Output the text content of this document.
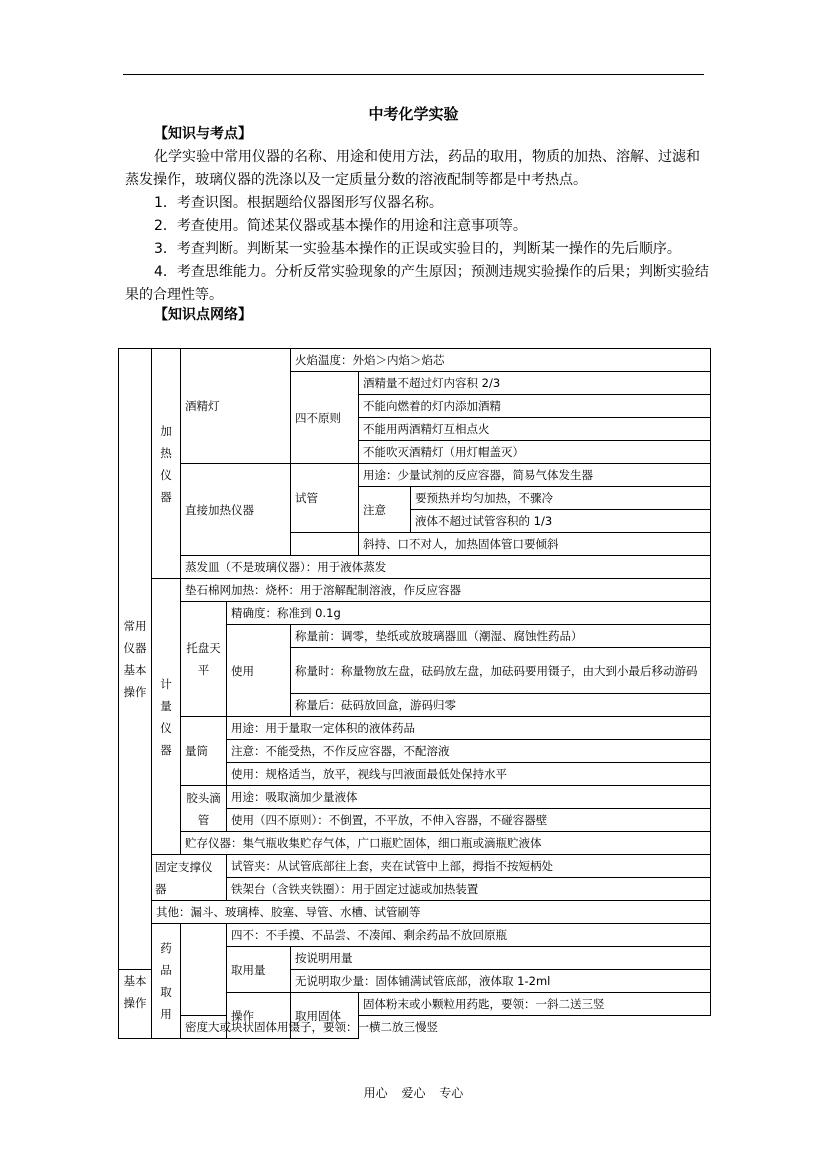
中考化学实验
【知识与考点】
化学实验中常用仪器的名称、用途和使用方法，药品的取用，物质的加热、溶解、过滤和蒸发操作，玻璃仪器的洗涤以及一定质量分数的溶液配制等都是中考热点。
1．考查识图。根据题给仪器图形写仪器名称。
2．考查使用。简述某仪器或基本操作的用途和注意事项等。
3．考查判断。判断某一实验基本操作的正误或实验目的，判断某一操作的先后顺序。
4．考查思维能力。分析反常实验现象的产生原因；预测违规实验操作的后果；判断实验结果的合理性等。
【知识点网络】
常用仪器基本操作	加热仪器	酒精灯		火焰温度：外焰＞内焰＞焰芯		
				四不原则	酒精量不超过灯内容积 2/3	
					不能向燃着的灯内添加酒精	
					不能用两酒精灯互相点火	
					不能吹灭酒精灯（用灯帽盖灭）	
		直接加热仪器		试管	用途：少量试剂的反应容器，简易气体发生器	
					注意	要预热并均匀加热，不骤冷
						液体不超过试管容积的 1/3
					斜持、口不对人，加热固体管口要倾斜	
		蒸发皿（不是玻璃仪器）：用于液体蒸发				
	计量仪器	垫石棉网加热：烧杯：用于溶解配制溶液，作反应容器				
		托盘天平	精确度：称准到 0.1g			
			使用	称量前：调零，垫纸或放玻璃器皿（潮湿、腐蚀性药品）		
				称量时：称量物放左盘，砝码放左盘，加砝码要用镊子，由大到小最后移动游码		
				称量后：砝码放回盒，游码归零		
		量筒	用途：用于量取一定体积的液体药品			
			注意：不能受热，不作反应容器，不配溶液			
			使用：规格适当，放平，视线与凹液面最低处保持水平			
		胶头滴管	用途：吸取滴加少量液体			
			使用（四不原则）：不倒置，不平放，不伸入容器，不碰容器壁			
		贮存仪器：集气瓶收集贮存气体，广口瓶贮固体，细口瓶或滴瓶贮液体				
	固定支撑仪器		试管夹：从试管底部往上套，夹在试管中上部，拇指不按短柄处			
			铁架台（含铁夹铁圈）：用于固定过滤或加热装置			
	其他：漏斗、玻璃棒、胶塞、导管、水槽、试管刷等					
	药品取用		四不：不手摸、不品尝、不凑闻、剩余药品不放回原瓶			
			取用量	按说明用量		
基本操作				无说明取少量：固体铺满试管底部，液体取 1-2ml		
			操作	取用固体	固体粉末或小颗粒用药匙，要领：一斜二送三竖	
		密度大或块状固体用镊子，要领：一横二放三慢竖				
用心 爱心 专心
